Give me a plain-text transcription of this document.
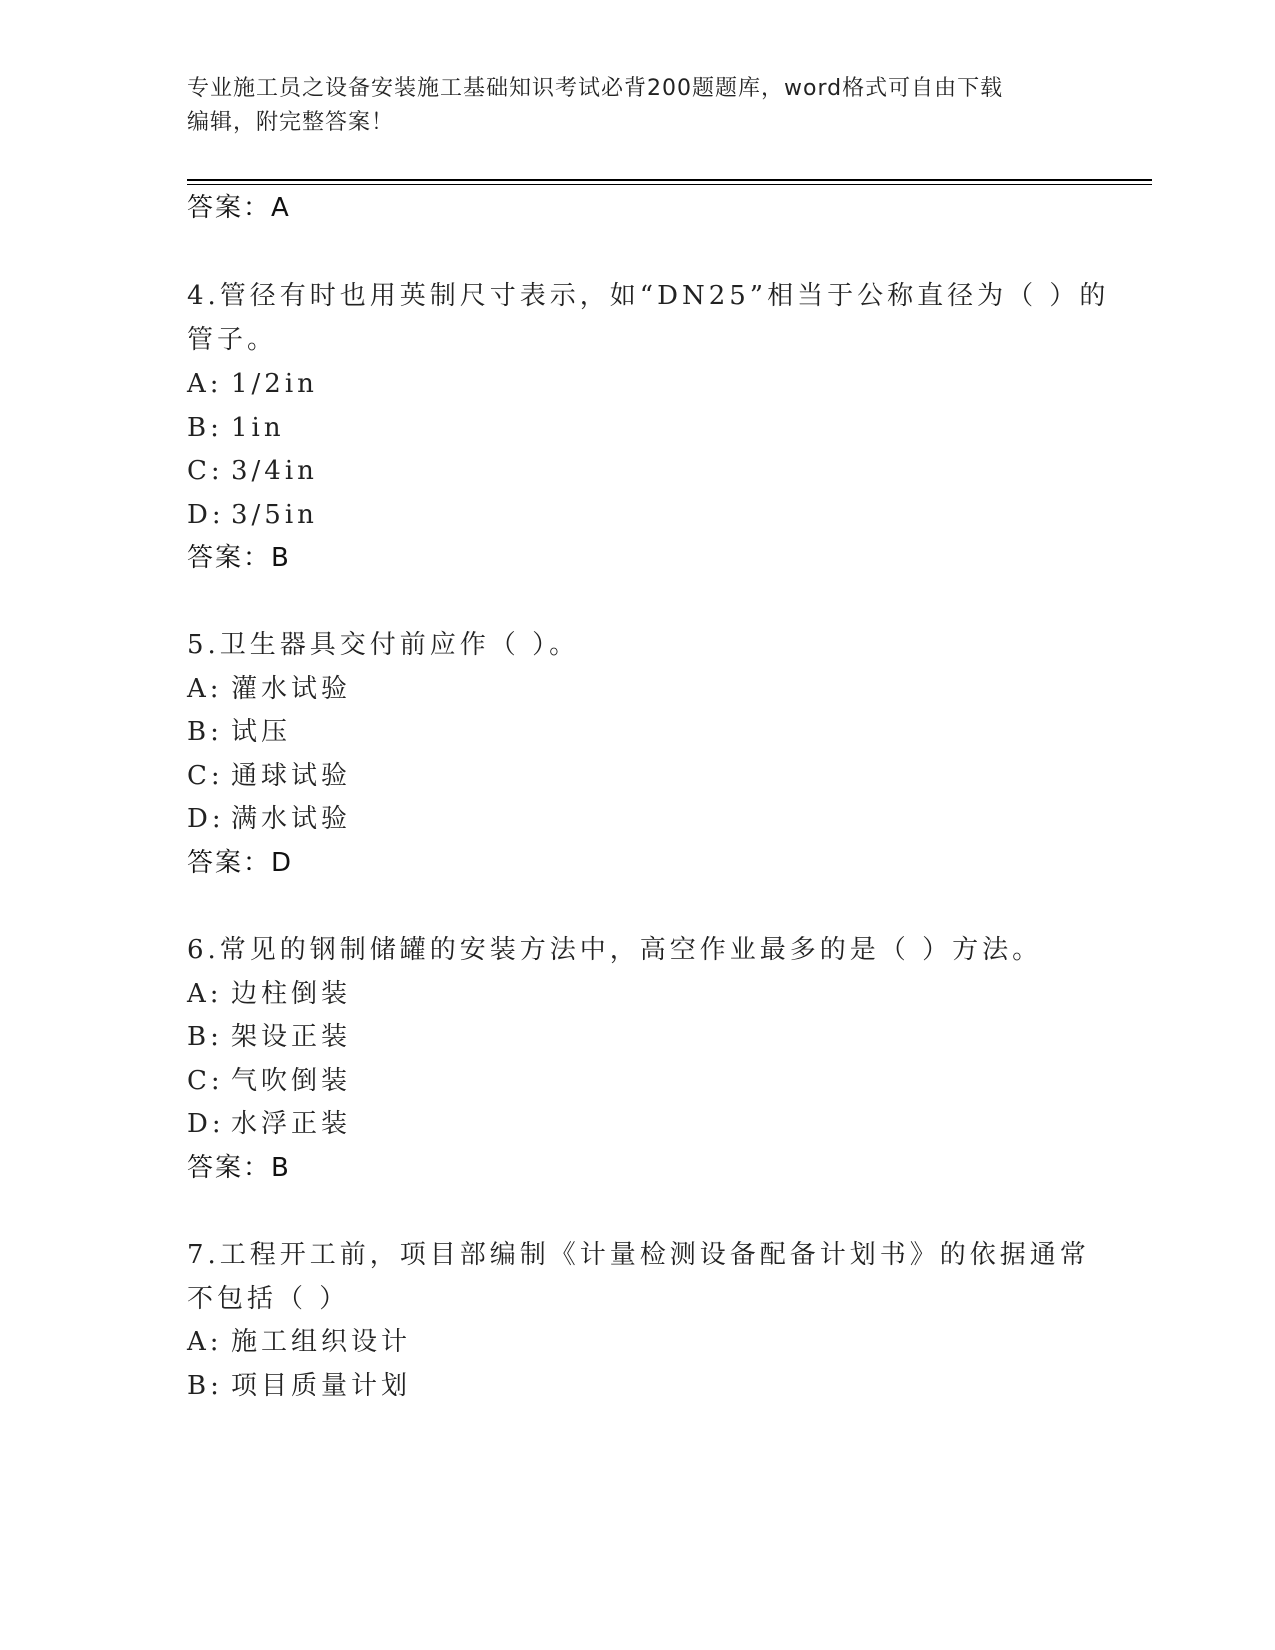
专业施工员之设备安装施工基础知识考试必背200题题库，word格式可自由下载
编辑，附完整答案！
答案：A
4.管径有时也用英制尺寸表示，如“DN25”相当于公称直径为（ ）的
管子。
A: 1/2in
B: 1in
C: 3/4in
D: 3/5in
答案：B
5.卫生器具交付前应作（ ）。
A: 灌水试验
B: 试压
C: 通球试验
D: 满水试验
答案：D
6.常见的钢制储罐的安装方法中，高空作业最多的是（ ）方法。
A: 边柱倒装
B: 架设正装
C: 气吹倒装
D: 水浮正装
答案：B
7.工程开工前，项目部编制《计量检测设备配备计划书》的依据通常
不包括（ ）
A: 施工组织设计
B: 项目质量计划
